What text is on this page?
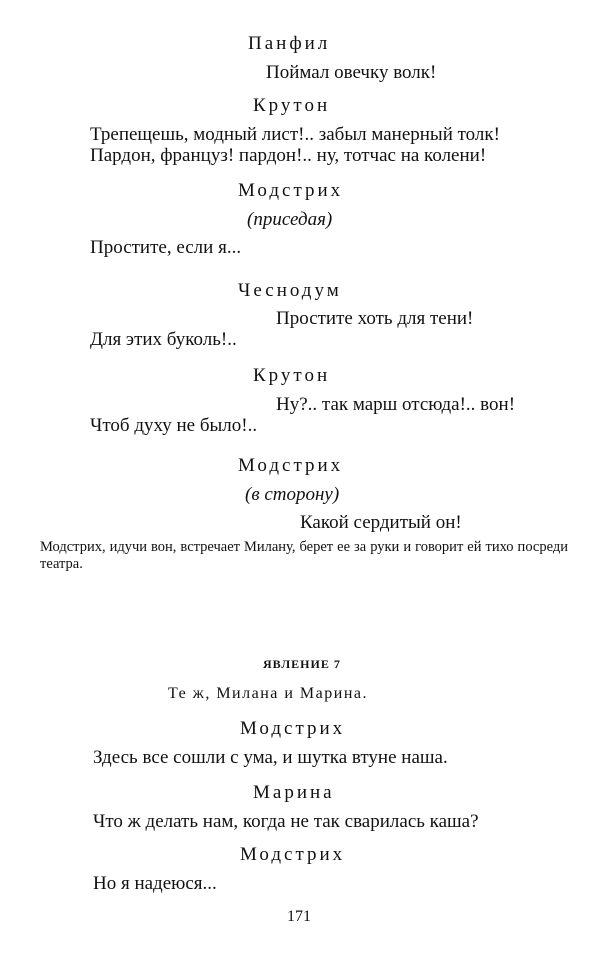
Панфил
Поймал овечку волк!
Крутон
Трепещешь, модный лист!.. забыл манерный толк!
Пардон, француз! пардон!.. ну, тотчас на колени!
Модстрих
(приседая)
Простите, если я...
Чеснодум
Простите хоть для тени!
Для этих буколь!..
Крутон
Ну?.. так марш отсюда!.. вон!
Чтоб духу не было!..
Модстрих
(в сторону)
Какой сердитый он!
Модстрих, идучи вон, встречает Милану, берет ее за руки и говорит ей тихо посреди театра.
ЯВЛЕНИЕ 7
Те ж, Милана и Марина.
Модстрих
Здесь все сошли с ума, и шутка втуне наша.
Марина
Что ж делать нам, когда не так сварилась каша?
Модстрих
Но я надеюся...
171
